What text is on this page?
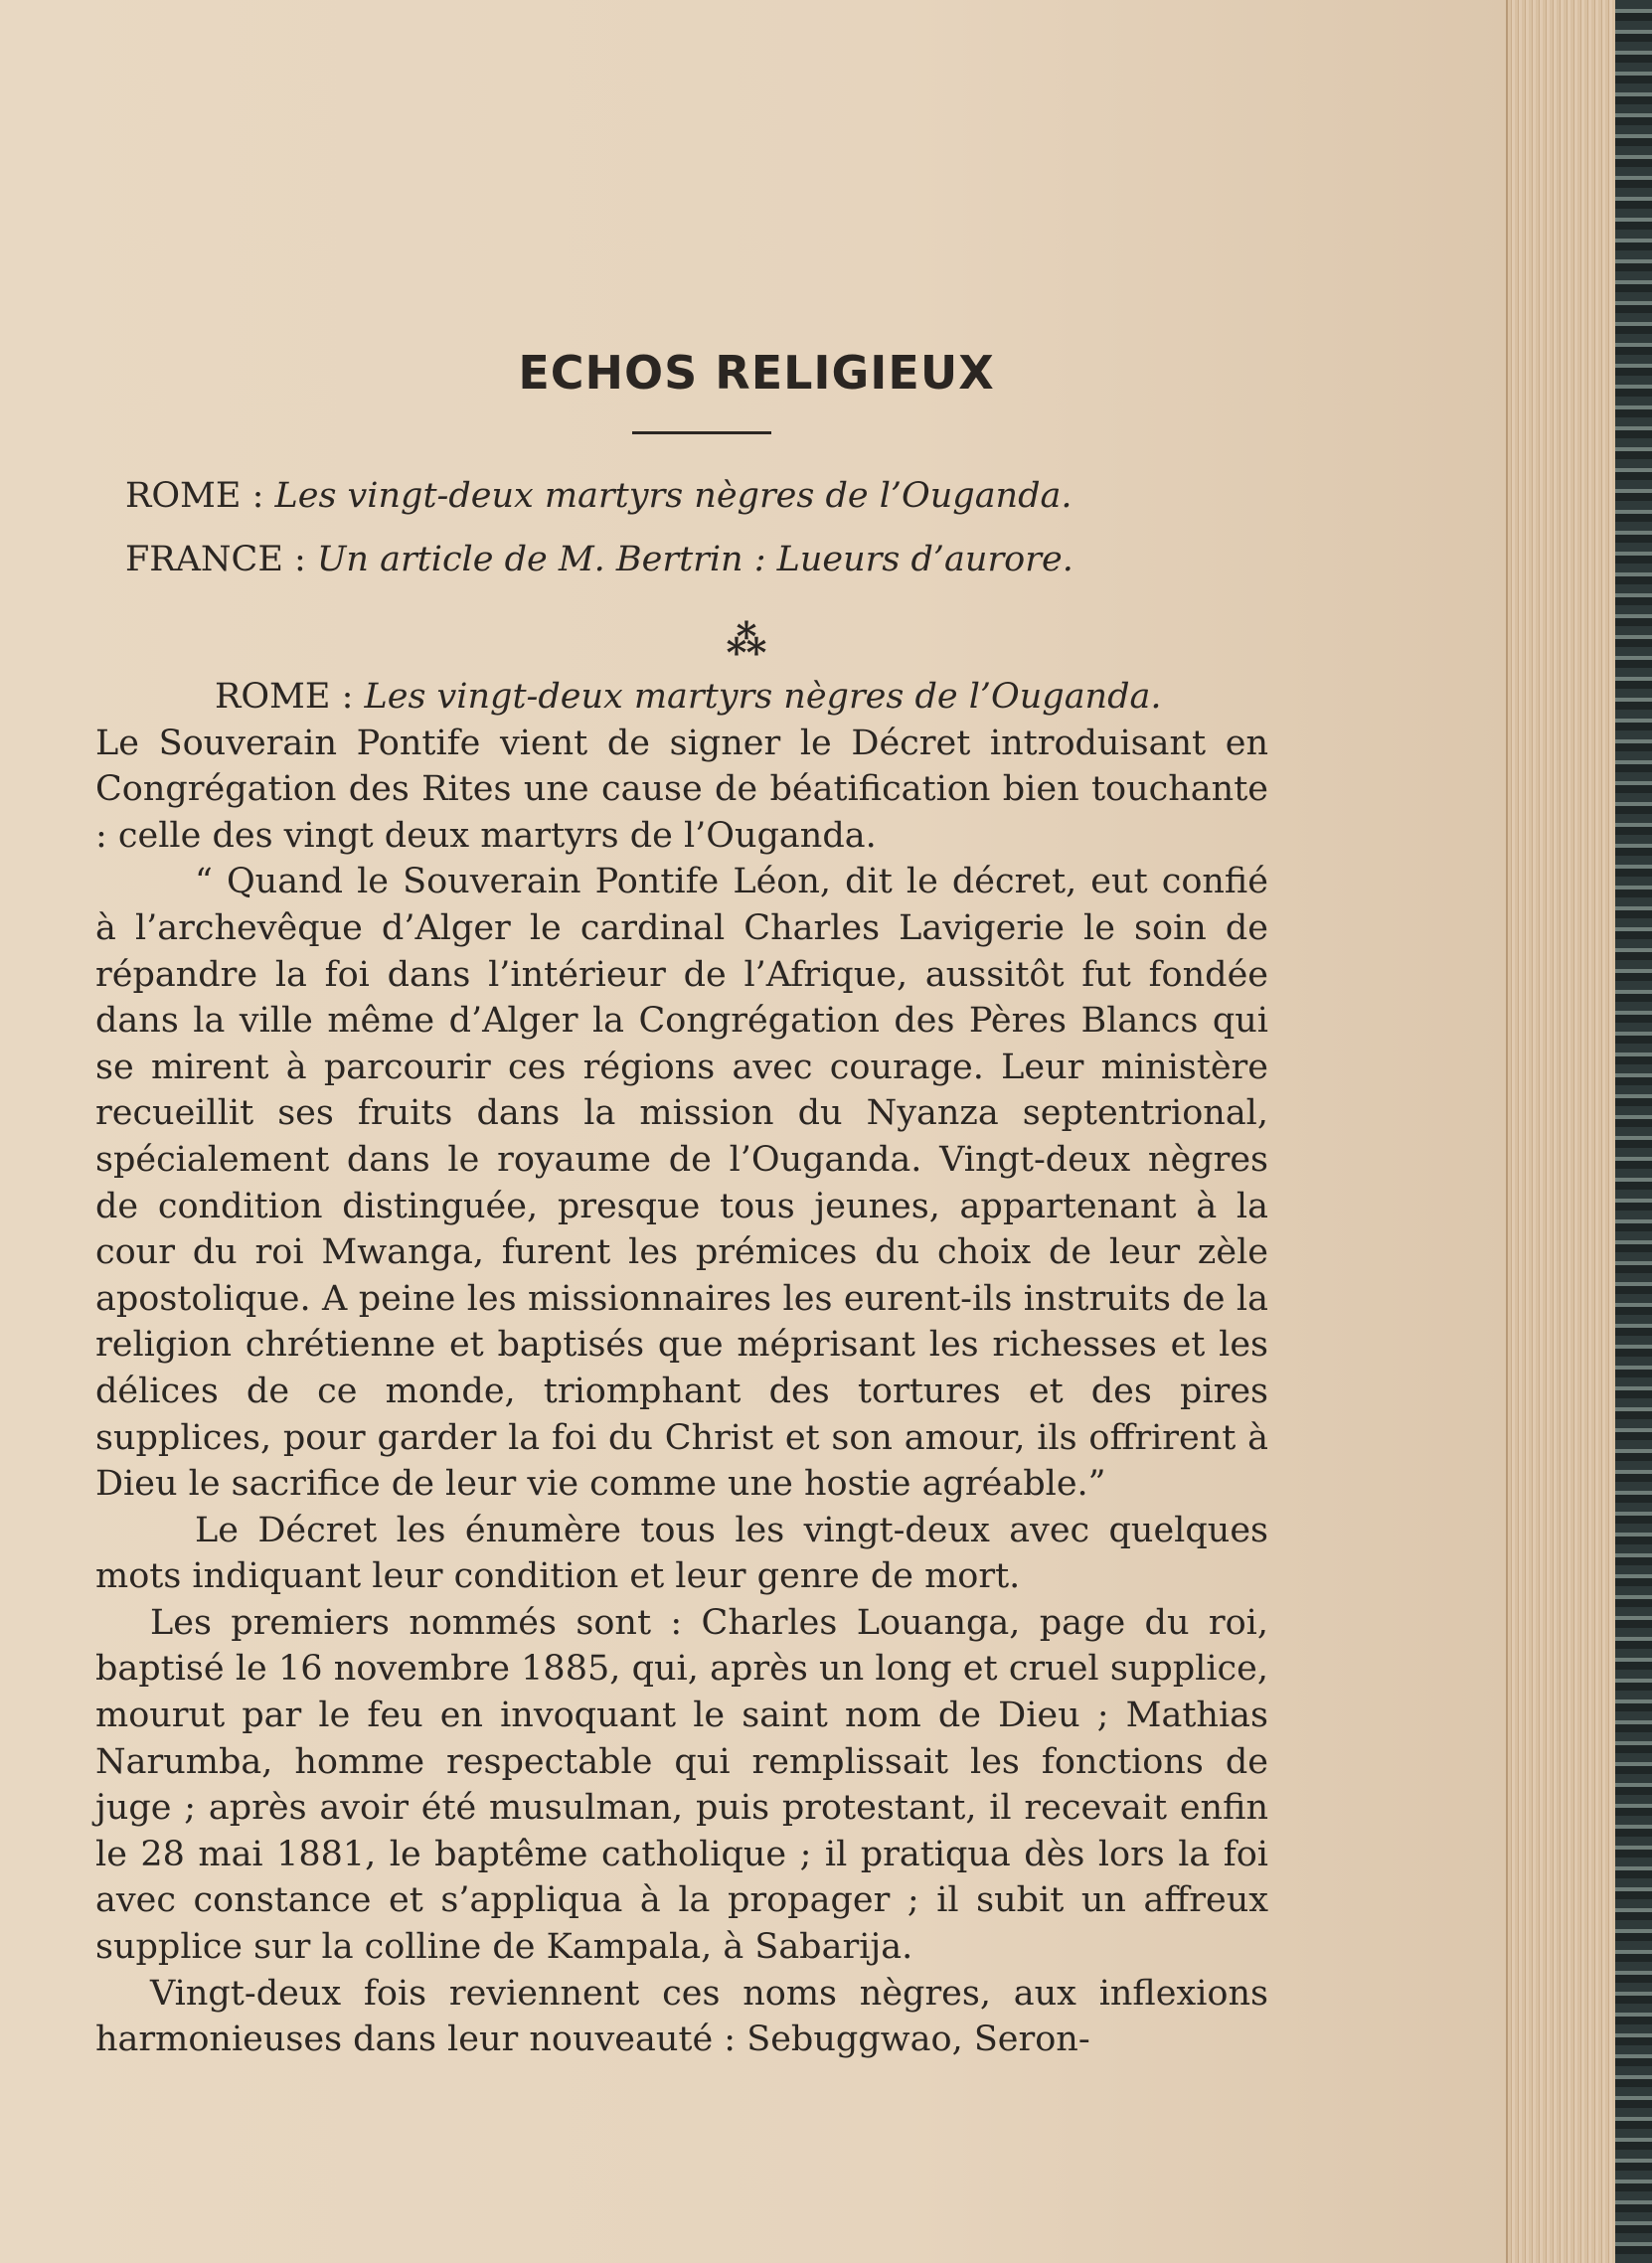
ECHOS RELIGIEUX
ROME : Les vingt-deux martyrs nègres de l’Ouganda.
FRANCE : Un article de M. Bertrin : Lueurs d’aurore.
⁂

ROME : Les vingt-deux martyrs nègres de l’Ouganda.

Le Souverain Pontife vient de signer le Décret introduisant en Congrégation des Rites une cause de béatification bien touchante : celle des vingt deux martyrs de l’Ouganda.

“ Quand le Souverain Pontife Léon, dit le décret, eut confié à l’archevêque d’Alger le cardinal Charles Lavigerie le soin de répandre la foi dans l’intérieur de l’Afrique, aussitôt fut fondée dans la ville même d’Alger la Congrégation des Pères Blancs qui se mirent à parcourir ces régions avec courage. Leur ministère recueillit ses fruits dans la mission du Nyanza septentrional, spécialement dans le royaume de l’Ouganda. Vingt-deux nègres de condition distinguée, presque tous jeunes, appartenant à la cour du roi Mwanga, furent les prémices du choix de leur zèle apostolique. A peine les missionnaires les eurent-ils instruits de la religion chrétienne et baptisés que méprisant les richesses et les délices de ce monde, triomphant des tortures et des pires supplices, pour garder la foi du Christ et son amour, ils offrirent à Dieu le sacrifice de leur vie comme une hostie agréable.”

Le Décret les énumère tous les vingt-deux avec quelques mots indiquant leur condition et leur genre de mort.

Les premiers nommés sont : Charles Louanga, page du roi, baptisé le 16 novembre 1885, qui, après un long et cruel supplice, mourut par le feu en invoquant le saint nom de Dieu ; Mathias Narumba, homme respectable qui remplissait les fonctions de juge ; après avoir été musulman, puis protestant, il recevait enfin le 28 mai 1881, le baptême catholique ; il pratiqua dès lors la foi avec constance et s’appliqua à la propager ; il subit un affreux supplice sur la colline de Kampala, à Sabarija.

Vingt-deux fois reviennent ces noms nègres, aux inflexions harmonieuses dans leur nouveauté : Sebuggwao, Seron-
